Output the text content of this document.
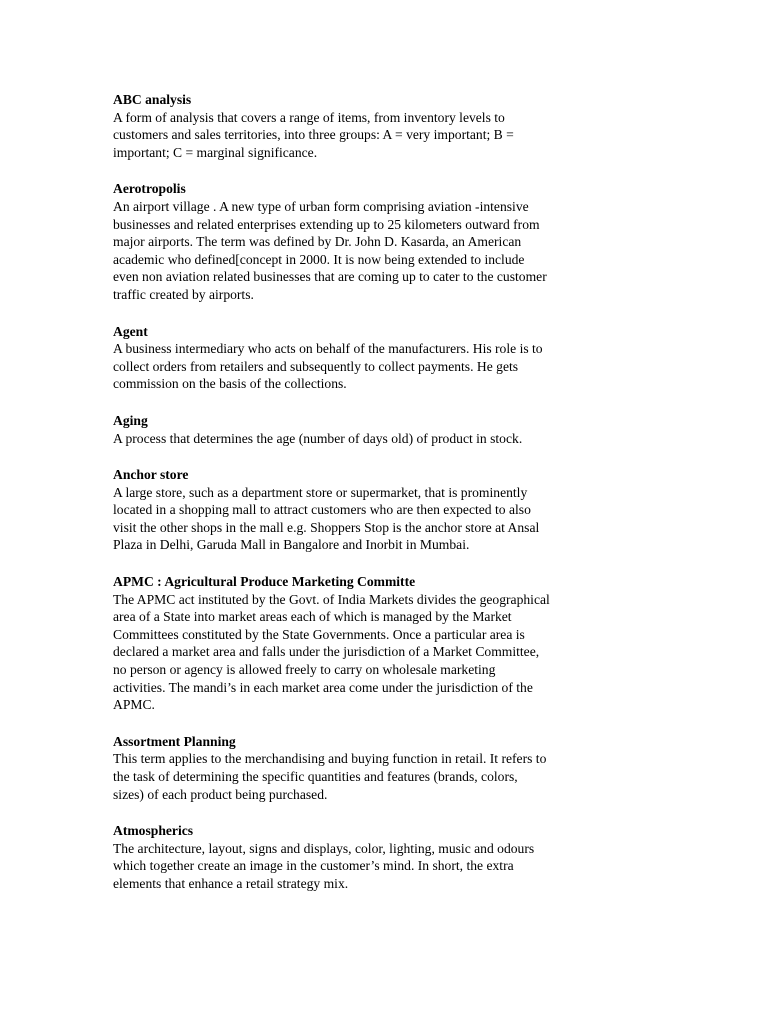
ABC analysis
A form of analysis that covers a range of items, from inventory levels to
customers and sales territories, into three groups: A = very important; B =
important; C = marginal significance.
Aerotropolis
An airport village . A new type of urban form comprising aviation -intensive
businesses and related enterprises extending up to 25 kilometers outward from
major airports. The term was defined by Dr. John D. Kasarda, an American
academic who defined[concept in 2000. It is now being extended to include
even non aviation related businesses that are coming up to cater to the customer
traffic created by airports.
Agent
A business intermediary who acts on behalf of the manufacturers. His role is to
collect orders from retailers and subsequently to collect payments. He gets
commission on the basis of the collections.
Aging
A process that determines the age (number of days old) of product in stock.
Anchor store
A large store, such as a department store or supermarket, that is prominently
located in a shopping mall to attract customers who are then expected to also
visit the other shops in the mall e.g. Shoppers Stop is the anchor store at Ansal
Plaza in Delhi, Garuda Mall in Bangalore and Inorbit in Mumbai.
APMC : Agricultural Produce Marketing Committe
The APMC act instituted by the Govt. of India Markets divides the geographical
area of a State into market areas each of which is managed by the Market
Committees constituted by the State Governments. Once a particular area is
declared a market area and falls under the jurisdiction of a Market Committee,
no person or agency is allowed freely to carry on wholesale marketing
activities. The mandi’s in each market area come under the jurisdiction of the
APMC.
Assortment Planning
This term applies to the merchandising and buying function in retail. It refers to
the task of determining the specific quantities and features (brands, colors,
sizes) of each product being purchased.
Atmospherics
The architecture, layout, signs and displays, color, lighting, music and odours
which together create an image in the customer’s mind. In short, the extra
elements that enhance a retail strategy mix.
